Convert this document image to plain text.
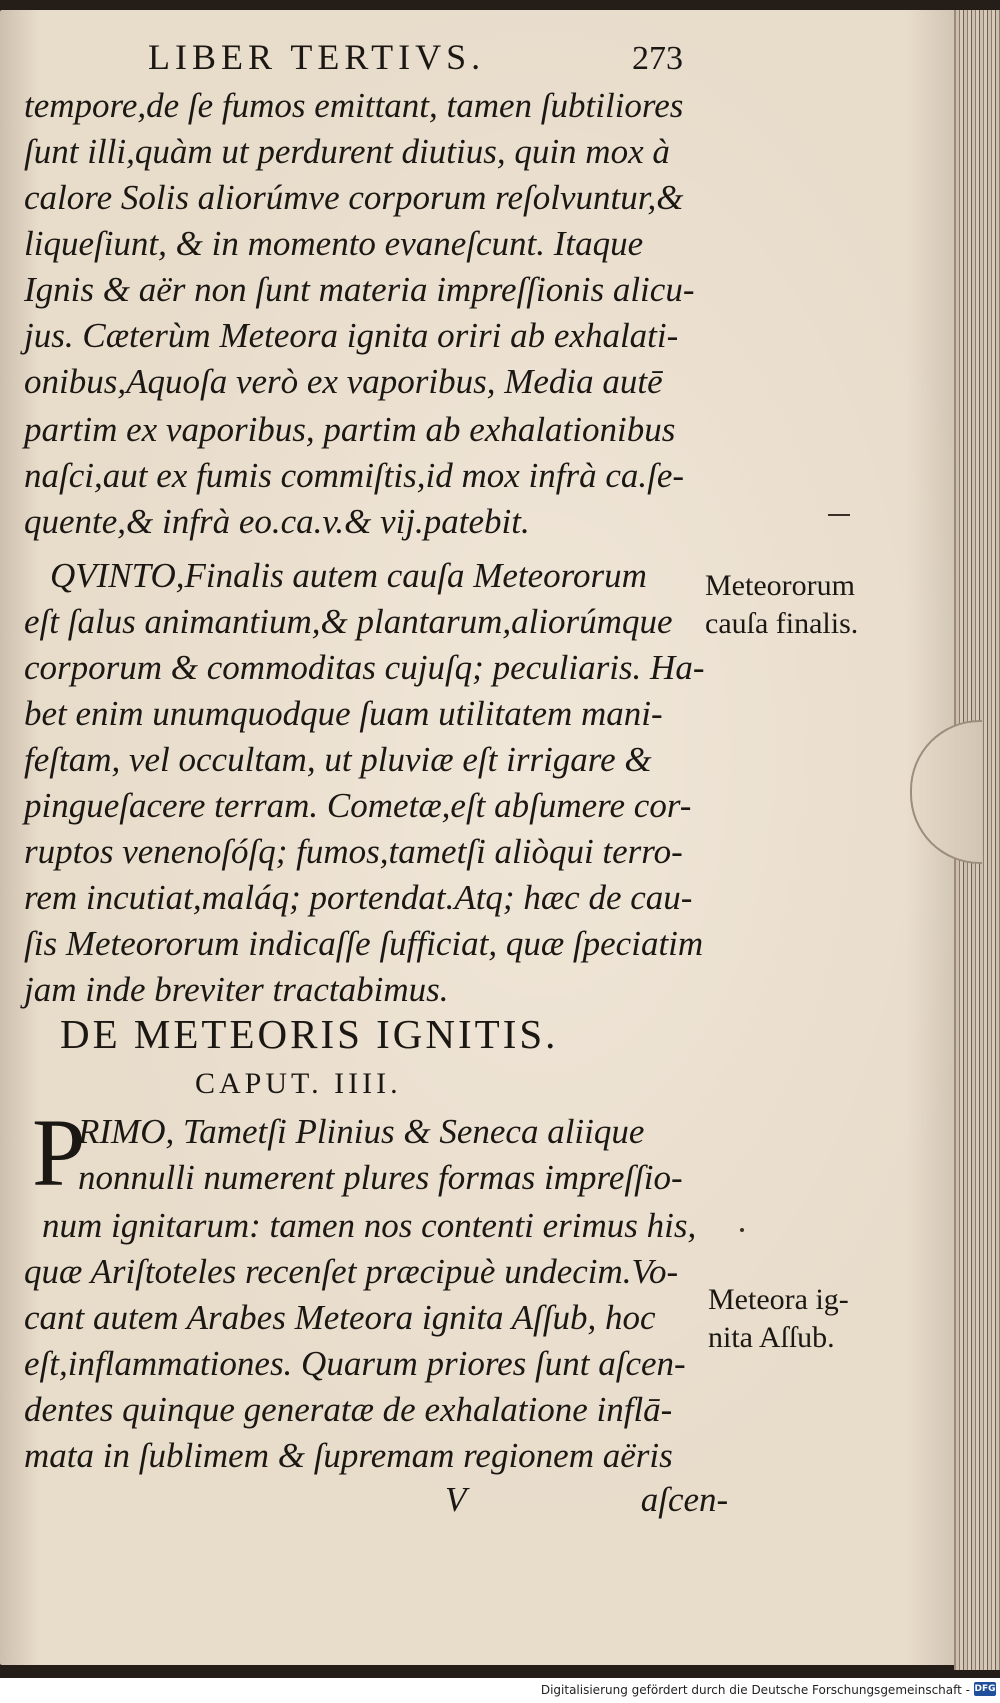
LIBER TERTIVS.	273
tempore,de ſe fumos emittant, tamen ſubtiliores
ſunt illi,quàm ut perdurent diutius, quin mox à
calore Solis aliorúmve corporum reſolvuntur,&
liqueſiunt, & in momento evaneſcunt. Itaque
Ignis & aër non ſunt materia impreſſionis alicu-
jus. Cæterùm Meteora ignita oriri ab exhalati-
onibus,Aquoſa verò ex vaporibus, Media autē
partim ex vaporibus, partim ab exhalationibus
naſci,aut ex fumis commiſtis,id mox infrà ca.ſe-
quente,& infrà eo.ca.v.& vij.patebit.
QVINTO,Finalis autem cauſa Meteororum
eſt ſalus animantium,& plantarum,aliorúmque
corporum & commoditas cujuſq; peculiaris. Ha-
bet enim unumquodque ſuam utilitatem mani-
feſtam, vel occultam, ut pluviæ eſt irrigare &
pingueſacere terram. Cometæ,eſt abſumere cor-
ruptos venenoſóſq; fumos,tametſi aliòqui terro-
rem incutiat,maláq; portendat.Atq; hæc de cau-
ſis Meteororum indicaſſe ſufficiat, quæ ſpeciatim
jam inde breviter tractabimus.
DE METEORIS IGNITIS.
CAPUT. IIII.
P
RIMO, Tametſi Plinius & Seneca aliique
nonnulli numerent plures formas impreſſio-
num ignitarum: tamen nos contenti erimus his,
quæ Ariſtoteles recenſet præcipuè undecim.Vo-
cant autem Arabes Meteora ignita Aſſub, hoc
eſt,inflammationes. Quarum priores ſunt aſcen-
dentes quinque generatæ de exhalatione inflā-
mata in ſublimem & ſupremam regionem aëris
V                    aſcen-
Meteororum
cauſa finalis.
Meteora ig-
nita Aſſub.
Digitalisierung gefördert durch die Deutsche Forschungsgemeinschaft - DFG
